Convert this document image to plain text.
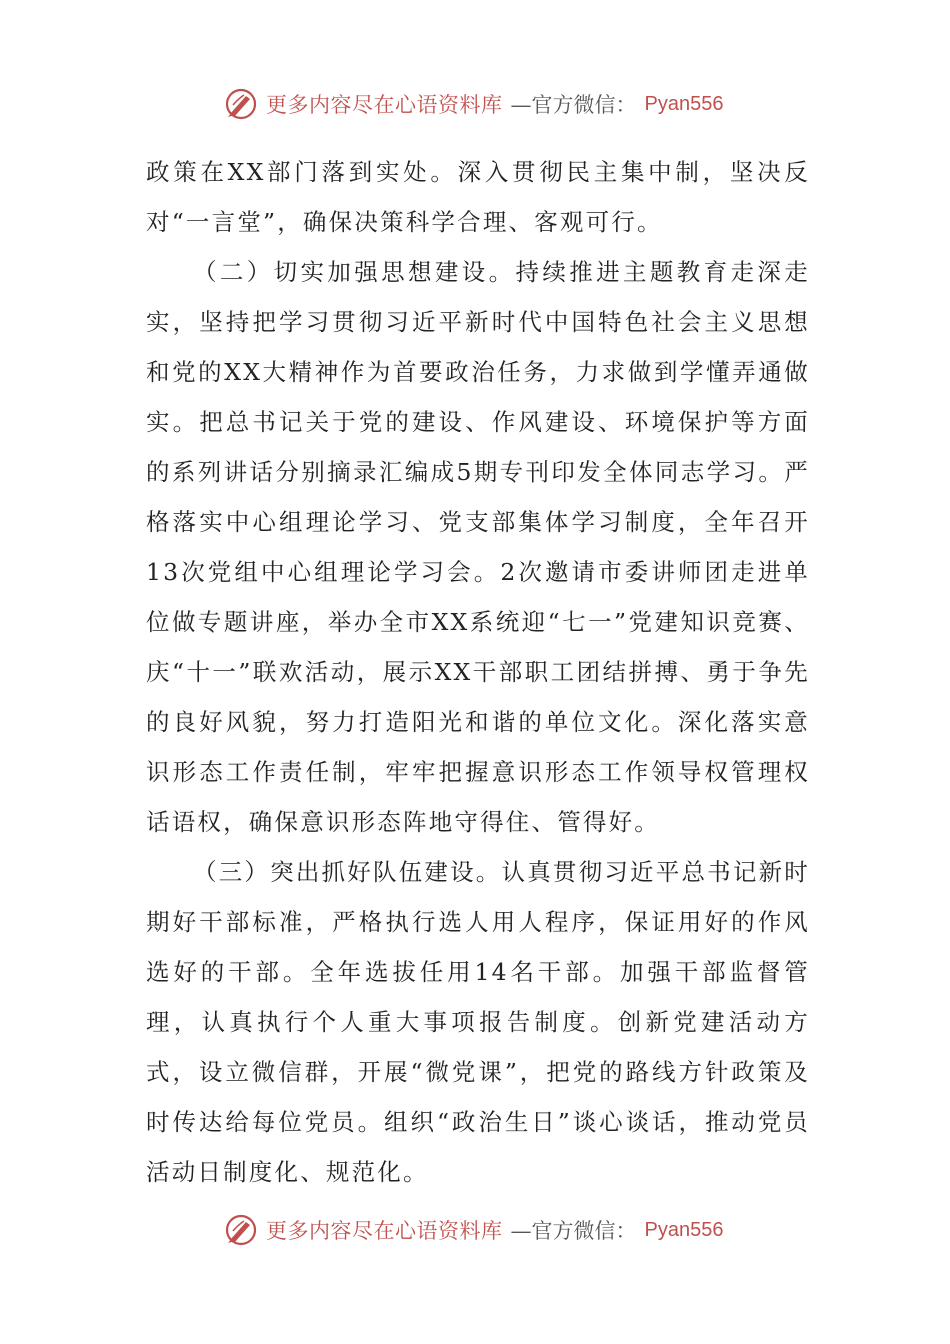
更多内容尽在心语资料库 —官方微信： Pyan556

政策在XX部门落到实处。深入贯彻民主集中制，坚决反对“一言堂”，确保决策科学合理、客观可行。

（二）切实加强思想建设。持续推进主题教育走深走实，坚持把学习贯彻习近平新时代中国特色社会主义思想和党的XX大精神作为首要政治任务，力求做到学懂弄通做实。把总书记关于党的建设、作风建设、环境保护等方面的系列讲话分别摘录汇编成5期专刊印发全体同志学习。严格落实中心组理论学习、党支部集体学习制度，全年召开13次党组中心组理论学习会。2次邀请市委讲师团走进单位做专题讲座，举办全市XX系统迎“七一”党建知识竞赛、庆“十一”联欢活动，展示XX干部职工团结拼搏、勇于争先的良好风貌，努力打造阳光和谐的单位文化。深化落实意识形态工作责任制，牢牢把握意识形态工作领导权管理权话语权，确保意识形态阵地守得住、管得好。

（三）突出抓好队伍建设。认真贯彻习近平总书记新时期好干部标准，严格执行选人用人程序，保证用好的作风选好的干部。全年选拔任用14名干部。加强干部监督管理，认真执行个人重大事项报告制度。创新党建活动方式，设立微信群，开展“微党课”，把党的路线方针政策及时传达给每位党员。组织“政治生日”谈心谈话，推动党员活动日制度化、规范化。

更多内容尽在心语资料库 —官方微信： Pyan556
